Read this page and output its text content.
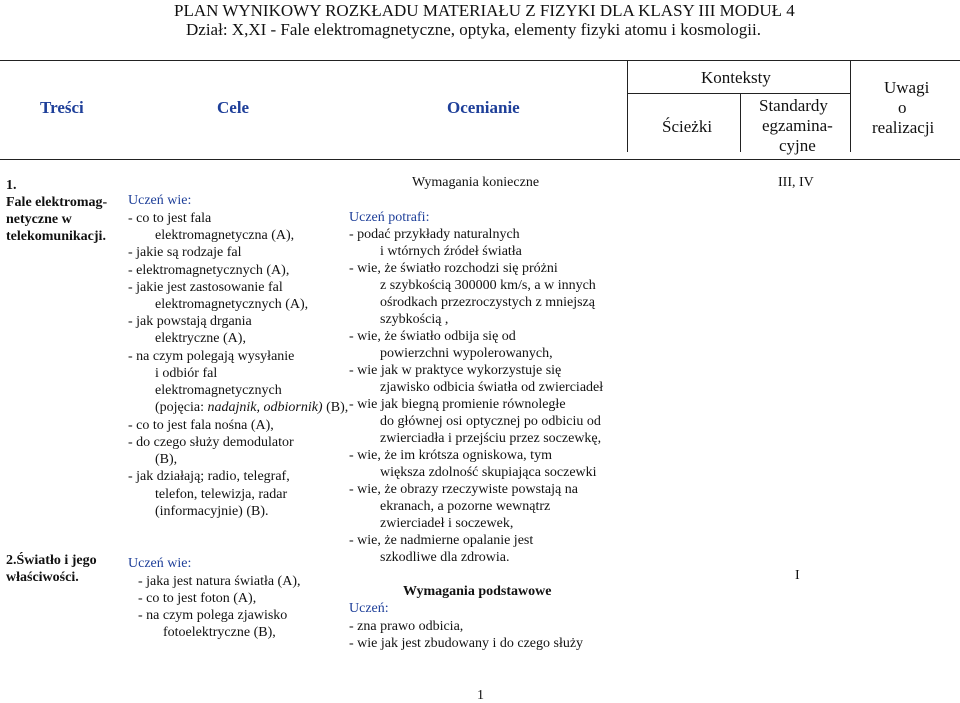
PLAN WYNIKOWY ROZKŁADU MATERIAŁU Z FIZYKI DLA KLASY III MODUŁ 4
Dział: X,XI - Fale elektromagnetyczne, optyka, elementy fizyki atomu i kosmologii.
Treści	Cele	Ocenianie
Konteksty
Ścieżki
Standardy
egzamina-
cyjne
Uwagi
o
realizacji
1.
Fale elektromag-
netyczne w
telekomunikacji.
2.Światło i jego
właściwości.
Uczeń wie:
- co to jest fala
elektromagnetyczna (A),
- jakie są rodzaje fal
- elektromagnetycznych (A),
- jakie jest zastosowanie fal
elektromagnetycznych (A),
- jak powstają drgania
elektryczne (A),
- na czym polegają wysyłanie
i odbiór fal
elektromagnetycznych
(pojęcia: nadajnik, odbiornik) (B),
- co to jest fala nośna (A),
- do czego służy demodulator
(B),
- jak działają; radio, telegraf,
telefon, telewizja, radar
(informacyjnie) (B).
Uczeń wie:
- jaka jest natura światła (A),
- co to jest foton (A),
- na czym polega zjawisko
fotoelektryczne (B),
Wymagania konieczne
Uczeń potrafi:
- podać przykłady naturalnych
i wtórnych źródeł światła
- wie, że światło rozchodzi się próżni
z szybkością 300000 km/s, a w innych
ośrodkach przezroczystych z mniejszą
szybkością ,
- wie, że światło odbija się od
powierzchni wypolerowanych,
- wie jak w praktyce wykorzystuje się
zjawisko odbicia światła od zwierciadeł
- wie jak biegną promienie równoległe
do głównej osi optycznej po odbiciu od
zwierciadła i przejściu przez soczewkę,
- wie, że im krótsza ogniskowa, tym
większa zdolność skupiająca soczewki
- wie, że obrazy rzeczywiste powstają na
ekranach, a pozorne wewnątrz
zwierciadeł i soczewek,
- wie, że nadmierne opalanie jest
szkodliwe dla zdrowia.
Wymagania podstawowe
Uczeń:
- zna prawo odbicia,
- wie jak jest zbudowany i do czego służy
III, IV
I
1
